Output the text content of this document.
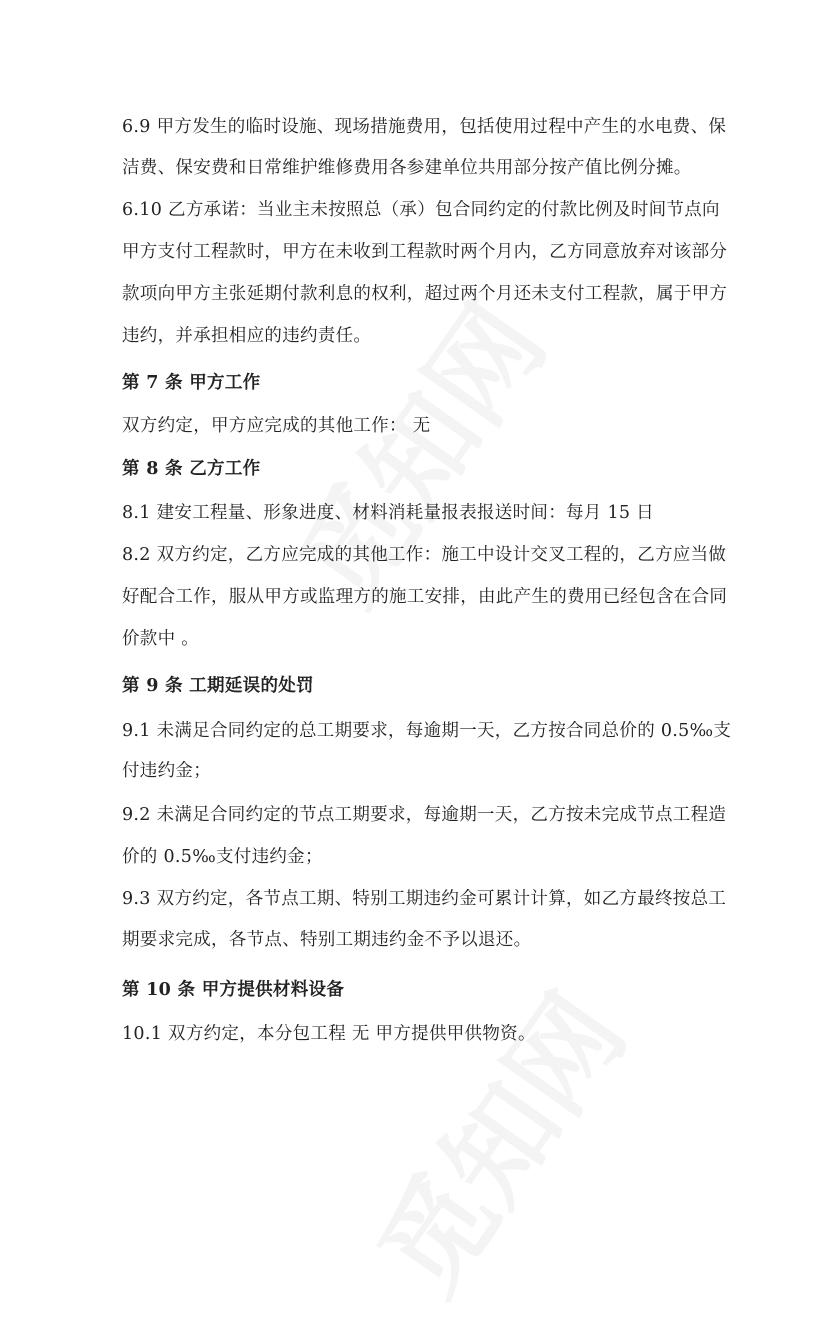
6.9 甲方发生的临时设施、现场措施费用，包括使用过程中产生的水电费、保
洁费、保安费和日常维护维修费用各参建单位共用部分按产值比例分摊。
6.10 乙方承诺：当业主未按照总（承）包合同约定的付款比例及时间节点向
甲方支付工程款时，甲方在未收到工程款时两个月内，乙方同意放弃对该部分
款项向甲方主张延期付款利息的权利，超过两个月还未支付工程款，属于甲方
违约，并承担相应的违约责任。
第 7 条 甲方工作
双方约定，甲方应完成的其他工作： 无
第 8 条 乙方工作
8.1 建安工程量、形象进度、材料消耗量报表报送时间：每月 15 日
8.2 双方约定，乙方应完成的其他工作：施工中设计交叉工程的，乙方应当做
好配合工作，服从甲方或监理方的施工安排，由此产生的费用已经包含在合同
价款中 。
第 9 条 工期延误的处罚
9.1 未满足合同约定的总工期要求，每逾期一天，乙方按合同总价的 0.5‰支
付违约金；
9.2 未满足合同约定的节点工期要求，每逾期一天，乙方按未完成节点工程造
价的 0.5‰支付违约金；
9.3 双方约定，各节点工期、特别工期违约金可累计计算，如乙方最终按总工
期要求完成，各节点、特别工期违约金不予以退还。
第 10 条 甲方提供材料设备
10.1 双方约定，本分包工程 无 甲方提供甲供物资。
